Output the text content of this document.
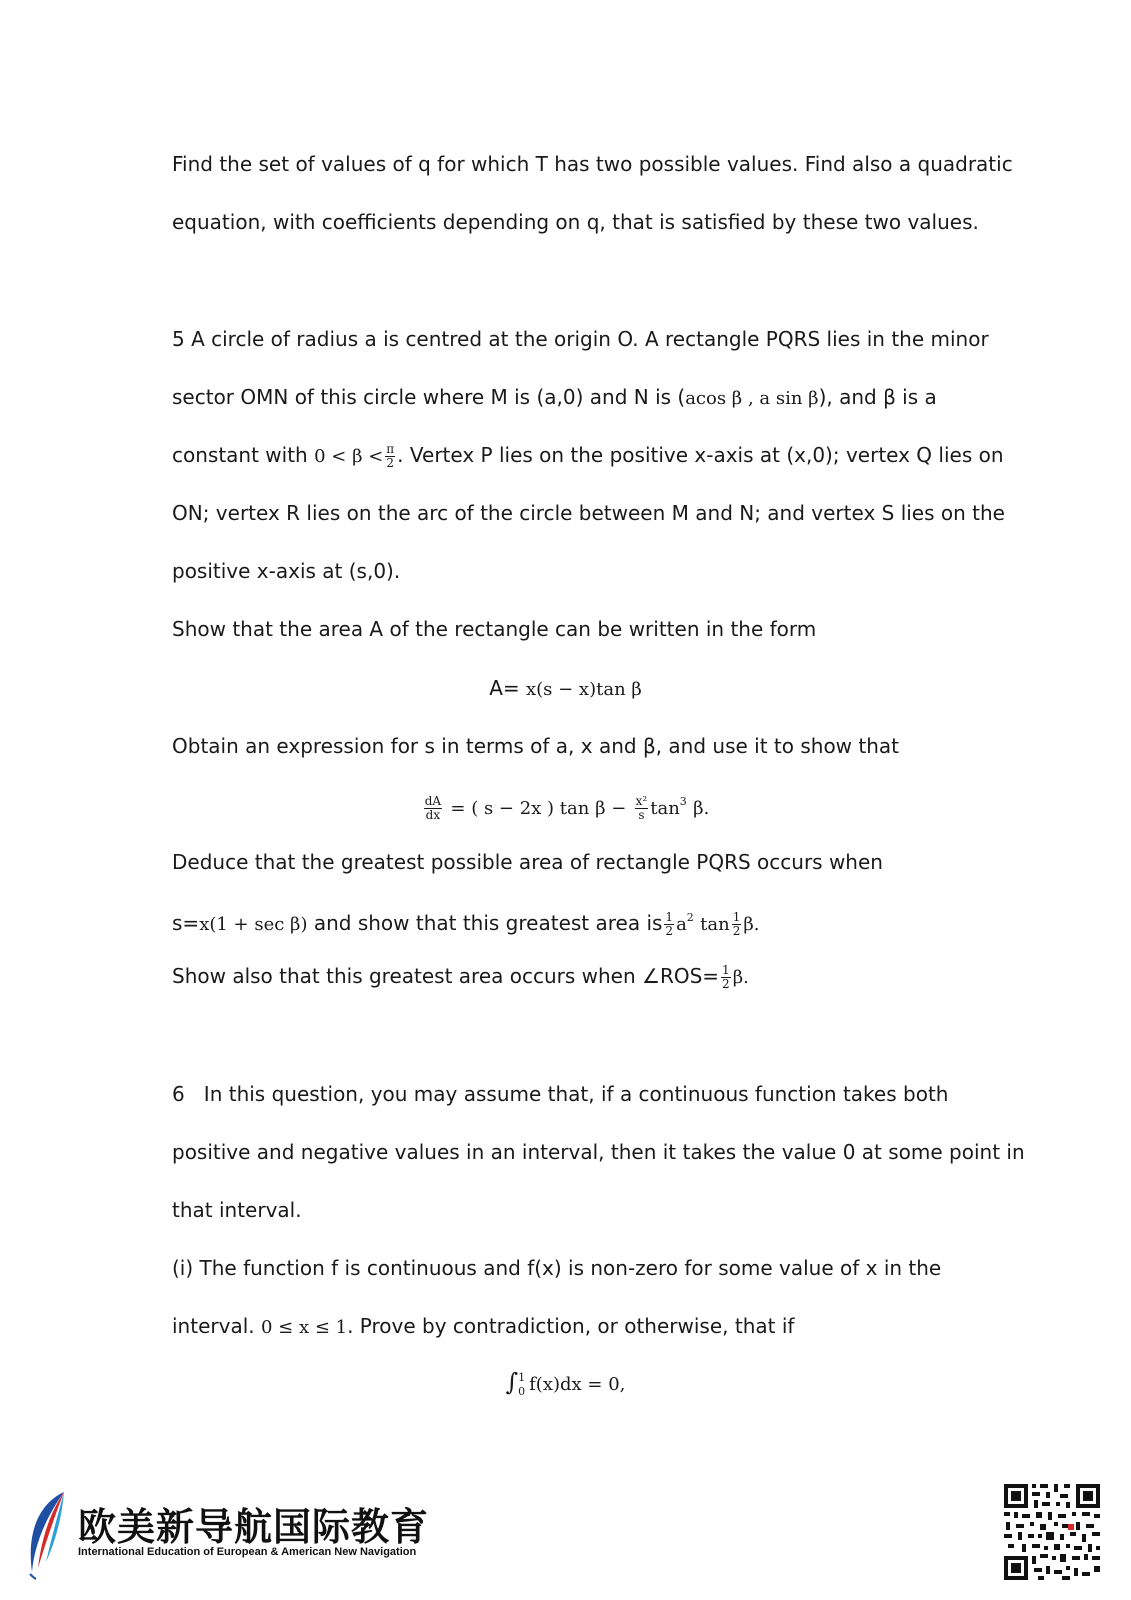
Find the set of values of q for which T has two possible values. Find also a quadratic
equation, with coefficients depending on q, that is satisfied by these two values.
5 A circle of radius a is centred at the origin O. A rectangle PQRS lies in the minor
sector OMN of this circle where M is (a,0) and N is (acos β , a sin β), and β is a
constant with $0 < \beta < \frac{\pi}{2}$ . Vertex P lies on the positive x-axis at (x,0); vertex Q lies on
ON; vertex R lies on the arc of the circle between M and N; and vertex S lies on the
positive x-axis at (s,0).
Show that the area A of the rectangle can be written in the form
A= x(s − x)tan β
Obtain an expression for s in terms of a, x and β, and use it to show that
$\frac{dA}{dx}$ = ( s − 2x ) $\tan \beta - \frac{\text{x²}}{s} \tan^3 \beta$.
Deduce that the greatest possible area of rectangle PQRS occurs when
s=x(1 + sec β) and show that this greatest area is $\frac{1}{2} a^2$ $\tan \frac{1}{2} \beta$.
Show also that this greatest area occurs when ∠ROS= $\frac{1}{2} \beta$.
6   In this question, you may assume that, if a continuous function takes both
positive and negative values in an interval, then it takes the value 0 at some point in
that interval.
(i) The function f is continuous and f(x) is non-zero for some value of x in the
interval. 0 ≤ x ≤ 1. Prove by contradiction, or otherwise, that if
∫ 1
0 f(x)dx = 0,
欧美新导航国际教育
International Education of European & American New Navigation
